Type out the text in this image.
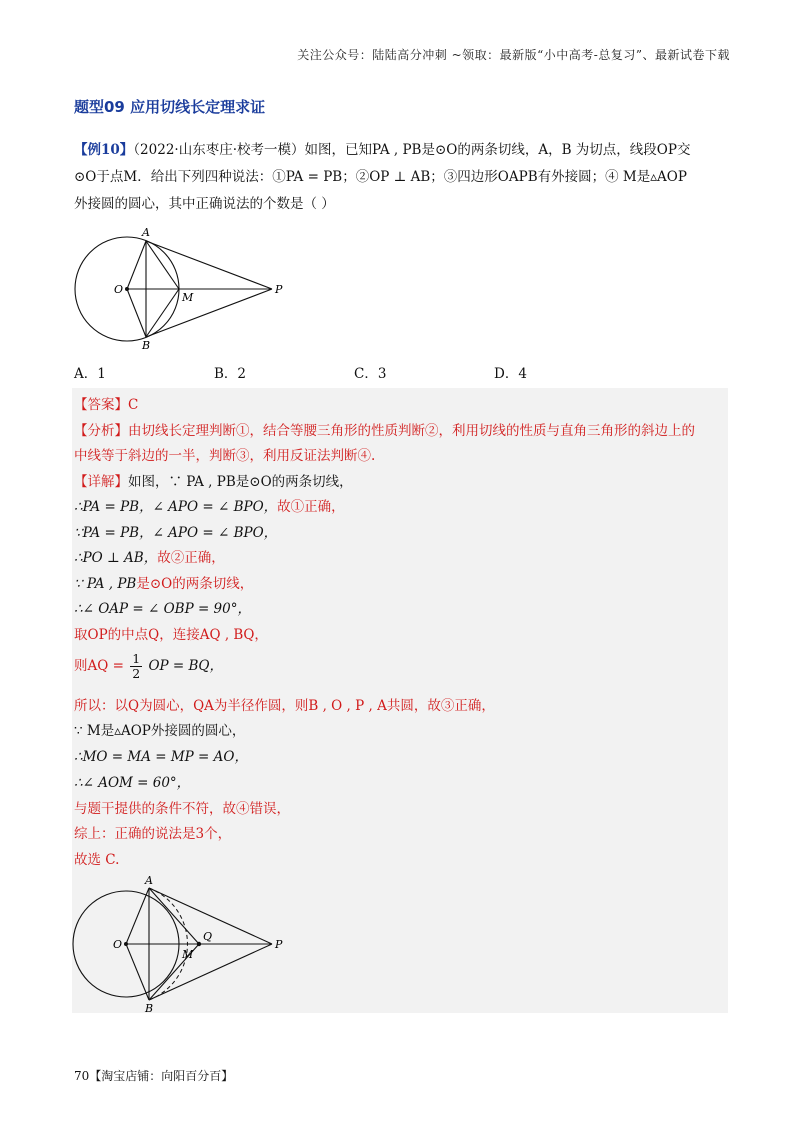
关注公众号：陆陆高分冲刺 ~领取：最新版“小中高考-总复习”、最新试卷下载
题型09 应用切线长定理求证
【例10】（2022·山东枣庄·校考一模）如图，已知PA , PB是⊙O的两条切线，A，B 为切点，线段OP交
⊙O于点M．给出下列四种说法：①PA = PB；②OP ⊥ AB；③四边形OAPB有外接圆；④ M是▵AOP
外接圆的圆心，其中正确说法的个数是（ ）
A
B
O
M
P
A．1	B．2	C．3	D．4
【答案】C
【分析】由切线长定理判断①，结合等腰三角形的性质判断②，利用切线的性质与直角三角形的斜边上的
中线等于斜边的一半，判断③，利用反证法判断④.
【详解】如图，∵ PA , PB是⊙O的两条切线，
∴PA = PB，∠ APO = ∠ BPO，故①正确，
∵PA = PB，∠ APO = ∠ BPO，
∴PO ⊥ AB，故②正确，
∵ PA , PB是⊙O的两条切线，
∴∠ OAP = ∠ OBP = 90°，
取OP的中点Q，连接AQ , BQ，
则AQ = $\frac{1}{2}$ OP = BQ，
所以：以Q为圆心，QA为半径作圆，则B , O , P , A共圆，故③正确，
∵ M是▵AOP外接圆的圆心，
∴MO = MA = MP = AO，
∴∠ AOM = 60°，
与题干提供的条件不符，故④错误，
综上：正确的说法是3个，
故选 C.
A
B
O
Q
M
P
70【淘宝店铺：向阳百分百】
